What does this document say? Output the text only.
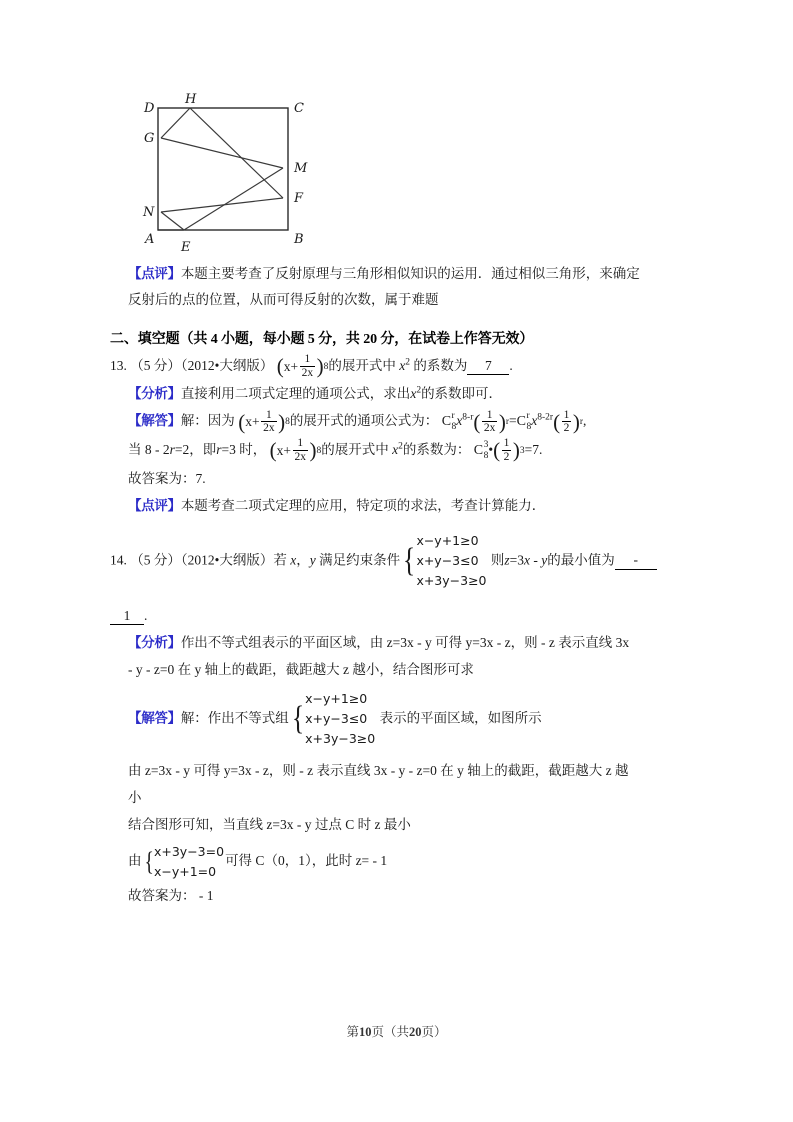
D
H
C
G
M
F
N
A
E
B
【点评】本题主要考查了反射原理与三角形相似知识的运用．通过相似三角形，来确定
反射后的点的位置，从而可得反射的次数，属于难题
二、填空题（共 4 小题，每小题 5 分，共 20 分，在试卷上作答无效）
13. （5 分）（2012•大纲版） ( $x+ \frac{1}{2x}$ ) 8 的展开式中 $x^2$ 的系数为 7 .
【分析】直接利用二项式定理的通项公式，求出$x^2$的系数即可．
【解答】解：因为 ( $x+ \frac{1}{2x}$ ) 8 的展开式的通项公式为： C r
8 $x^{8-r}$ ( $\frac{1}{2x}$ ) r = C r
8 $x^{8-2r}$ ( $\frac{1}{2}$ ) r ,
当 8 - 2r=2，即r=3 时， ( $x+ \frac{1}{2x}$ ) 8 的展开式中 $x^2$的系数为： C 3
8 • ( $\frac{1}{2}$ ) 3 =7.
故答案为：7.
【点评】本题考查二项式定理的应用，特定项的求法，考查计算能力．
14. （5 分）（2012•大纲版）若 x，y 满足约束条件 {
x−y+1≥0
x+y−3≤0
x+3y−3≥0
则z=3x - y的最小值为 -
1 .
【分析】作出不等式组表示的平面区域，由 z=3x - y 可得 y=3x - z，则 - z 表示直线 3x
- y - z=0 在 y 轴上的截距，截距越大 z 越小，结合图形可求
【解答】解：作出不等式组 {
x−y+1≥0
x+y−3≤0
x+3y−3≥0
表示的平面区域，如图所示
由 z=3x - y 可得 y=3x - z，则 - z 表示直线 3x - y - z=0 在 y 轴上的截距，截距越大 z 越
小
结合图形可知，当直线 z=3x - y 过点 C 时 z 最小
由 { x+3y−3=0
x−y+1=0
可得 C（0，1），此时 z= - 1
故答案为： - 1
第10页（共20页）
